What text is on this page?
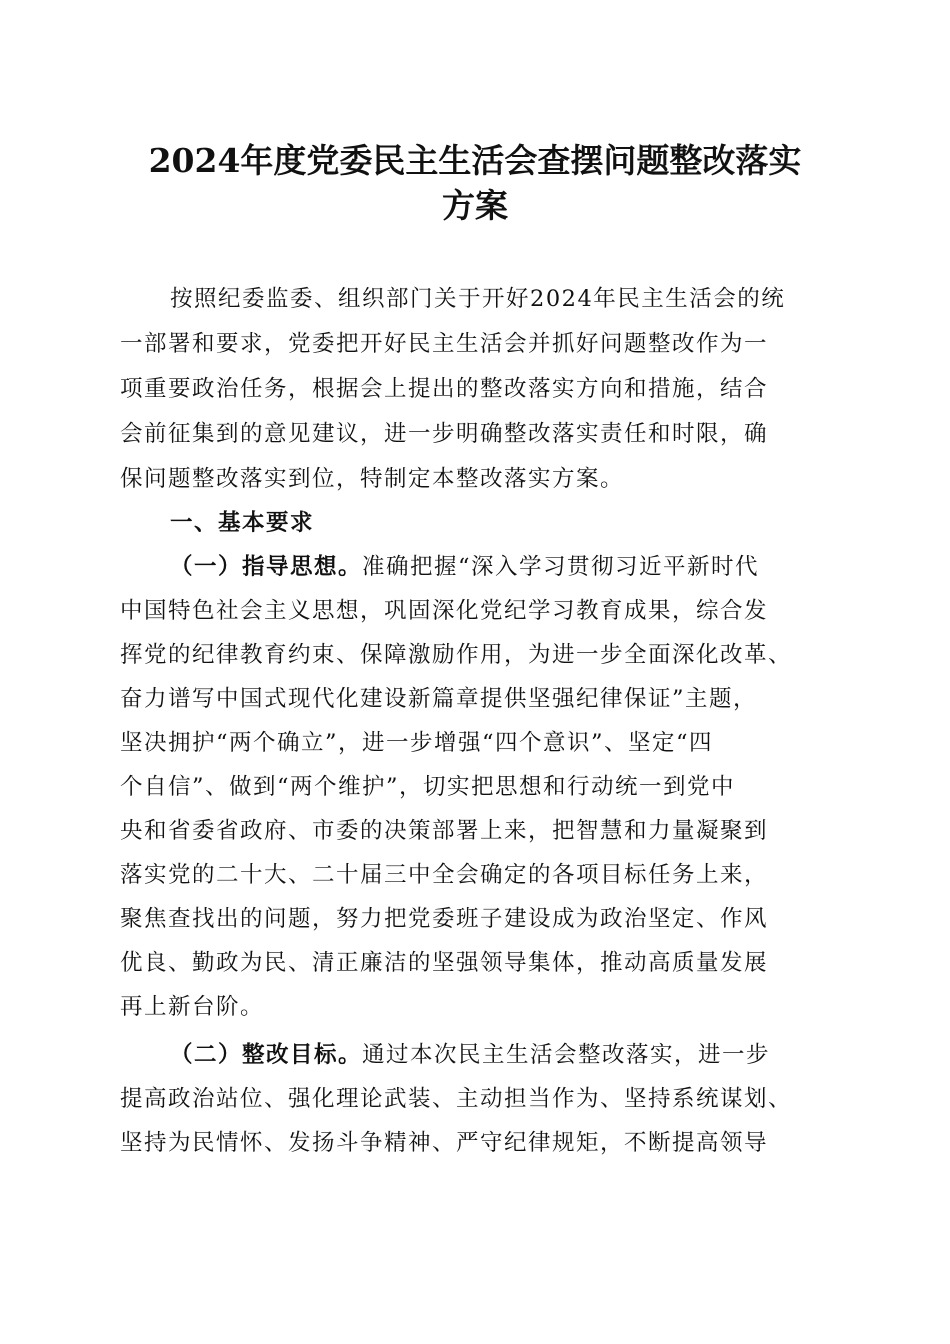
2024年度党委民主生活会查摆问题整改落实
方案
按照纪委监委、组织部门关于开好2024年民主生活会的统
一部署和要求，党委把开好民主生活会并抓好问题整改作为一
项重要政治任务，根据会上提出的整改落实方向和措施，结合
会前征集到的意见建议，进一步明确整改落实责任和时限，确
保问题整改落实到位，特制定本整改落实方案。
一、基本要求
（一）指导思想。准确把握“深入学习贯彻习近平新时代
中国特色社会主义思想，巩固深化党纪学习教育成果，综合发
挥党的纪律教育约束、保障激励作用，为进一步全面深化改革、
奋力谱写中国式现代化建设新篇章提供坚强纪律保证”主题，
坚决拥护“两个确立”，进一步增强“四个意识”、坚定“四
个自信”、做到“两个维护”，切实把思想和行动统一到党中
央和省委省政府、市委的决策部署上来，把智慧和力量凝聚到
落实党的二十大、二十届三中全会确定的各项目标任务上来，
聚焦查找出的问题，努力把党委班子建设成为政治坚定、作风
优良、勤政为民、清正廉洁的坚强领导集体，推动高质量发展
再上新台阶。
（二）整改目标。通过本次民主生活会整改落实，进一步
提高政治站位、强化理论武装、主动担当作为、坚持系统谋划、
坚持为民情怀、发扬斗争精神、严守纪律规矩，不断提高领导
